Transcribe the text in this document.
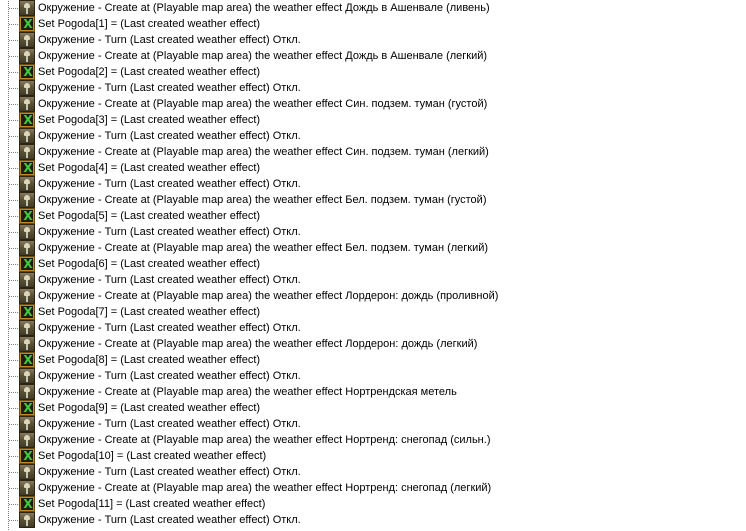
Окружение - Create at (Playable map area) the weather effect Дождь в Ашенвале (ливень)
X
Set Pogoda[1] = (Last created weather effect)
Окружение - Turn (Last created weather effect) Откл.
Окружение - Create at (Playable map area) the weather effect Дождь в Ашенвале (легкий)
X
Set Pogoda[2] = (Last created weather effect)
Окружение - Turn (Last created weather effect) Откл.
Окружение - Create at (Playable map area) the weather effect Син. подзем. туман (густой)
X
Set Pogoda[3] = (Last created weather effect)
Окружение - Turn (Last created weather effect) Откл.
Окружение - Create at (Playable map area) the weather effect Син. подзем. туман (легкий)
X
Set Pogoda[4] = (Last created weather effect)
Окружение - Turn (Last created weather effect) Откл.
Окружение - Create at (Playable map area) the weather effect Бел. подзем. туман (густой)
X
Set Pogoda[5] = (Last created weather effect)
Окружение - Turn (Last created weather effect) Откл.
Окружение - Create at (Playable map area) the weather effect Бел. подзем. туман (легкий)
X
Set Pogoda[6] = (Last created weather effect)
Окружение - Turn (Last created weather effect) Откл.
Окружение - Create at (Playable map area) the weather effect Лордерон: дождь (проливной)
X
Set Pogoda[7] = (Last created weather effect)
Окружение - Turn (Last created weather effect) Откл.
Окружение - Create at (Playable map area) the weather effect Лордерон: дождь (легкий)
X
Set Pogoda[8] = (Last created weather effect)
Окружение - Turn (Last created weather effect) Откл.
Окружение - Create at (Playable map area) the weather effect Нортрендская метель
X
Set Pogoda[9] = (Last created weather effect)
Окружение - Turn (Last created weather effect) Откл.
Окружение - Create at (Playable map area) the weather effect Нортренд: снегопад (сильн.)
X
Set Pogoda[10] = (Last created weather effect)
Окружение - Turn (Last created weather effect) Откл.
Окружение - Create at (Playable map area) the weather effect Нортренд: снегопад (легкий)
X
Set Pogoda[11] = (Last created weather effect)
Окружение - Turn (Last created weather effect) Откл.
